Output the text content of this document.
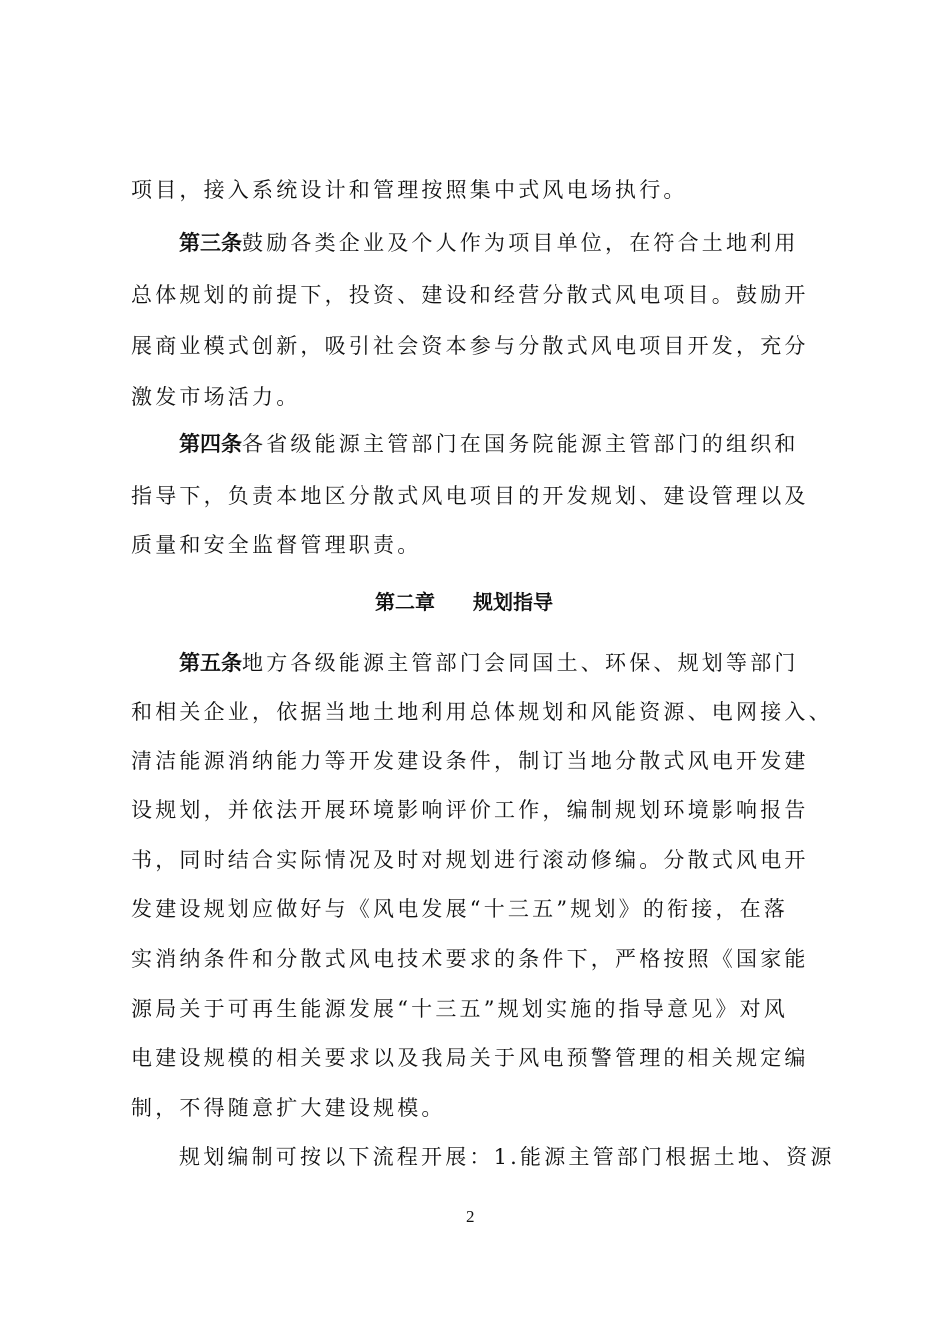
项目，接入系统设计和管理按照集中式风电场执行。
第三条鼓励各类企业及个人作为项目单位，在符合土地利用
总体规划的前提下，投资、建设和经营分散式风电项目。鼓励开
展商业模式创新，吸引社会资本参与分散式风电项目开发，充分
激发市场活力。
第四条各省级能源主管部门在国务院能源主管部门的组织和
指导下，负责本地区分散式风电项目的开发规划、建设管理以及
质量和安全监督管理职责。
第二章 规划指导
第五条地方各级能源主管部门会同国土、环保、规划等部门
和相关企业，依据当地土地利用总体规划和风能资源、电网接入、
清洁能源消纳能力等开发建设条件，制订当地分散式风电开发建
设规划，并依法开展环境影响评价工作，编制规划环境影响报告
书，同时结合实际情况及时对规划进行滚动修编。分散式风电开
发建设规划应做好与《风电发展“十三五”规划》的衔接，在落
实消纳条件和分散式风电技术要求的条件下，严格按照《国家能
源局关于可再生能源发展“十三五”规划实施的指导意见》对风
电建设规模的相关要求以及我局关于风电预警管理的相关规定编
制，不得随意扩大建设规模。
规划编制可按以下流程开展：1.能源主管部门根据土地、资源
2
